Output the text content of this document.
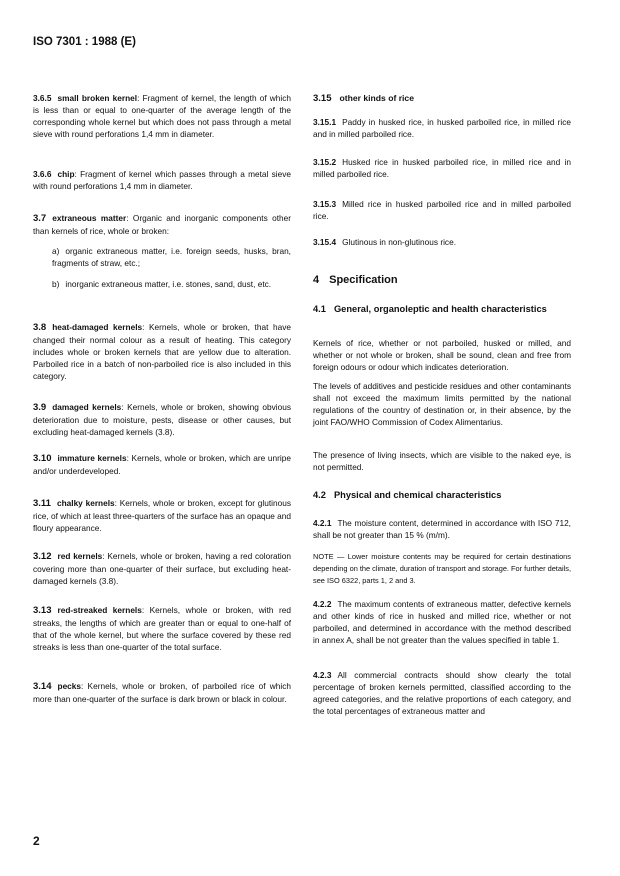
ISO 7301 : 1988 (E)
3.6.5 small broken kernel: Fragment of kernel, the length of which is less than or equal to one-quarter of the average length of the corresponding whole kernel but which does not pass through a metal sieve with round perforations 1,4 mm in diameter.
3.6.6 chip: Fragment of kernel which passes through a metal sieve with round perforations 1,4 mm in diameter.
3.7 extraneous matter: Organic and inorganic components other than kernels of rice, whole or broken:
a) organic extraneous matter, i.e. foreign seeds, husks, bran, fragments of straw, etc.;
b) inorganic extraneous matter, i.e. stones, sand, dust, etc.
3.8 heat-damaged kernels: Kernels, whole or broken, that have changed their normal colour as a result of heating. This category includes whole or broken kernels that are yellow due to alteration. Parboiled rice in a batch of non-parboiled rice is also included in this category.
3.9 damaged kernels: Kernels, whole or broken, showing obvious deterioration due to moisture, pests, disease or other causes, but excluding heat-damaged kernels (3.8).
3.10 immature kernels: Kernels, whole or broken, which are unripe and/or underdeveloped.
3.11 chalky kernels: Kernels, whole or broken, except for glutinous rice, of which at least three-quarters of the surface has an opaque and floury appearance.
3.12 red kernels: Kernels, whole or broken, having a red coloration covering more than one-quarter of their surface, but excluding heat-damaged kernels (3.8).
3.13 red-streaked kernels: Kernels, whole or broken, with red streaks, the lengths of which are greater than or equal to one-half of that of the whole kernel, but where the surface covered by these red streaks is less than one-quarter of the total surface.
3.14 pecks: Kernels, whole or broken, of parboiled rice of which more than one-quarter of the surface is dark brown or black in colour.
3.15 other kinds of rice
3.15.1 Paddy in husked rice, in husked parboiled rice, in milled rice and in milled parboiled rice.
3.15.2 Husked rice in husked parboiled rice, in milled rice and in milled parboiled rice.
3.15.3 Milled rice in husked parboiled rice and in milled parboiled rice.
3.15.4 Glutinous in non-glutinous rice.
4 Specification
4.1 General, organoleptic and health characteristics
Kernels of rice, whether or not parboiled, husked or milled, and whether or not whole or broken, shall be sound, clean and free from foreign odours or odour which indicates deterioration.
The levels of additives and pesticide residues and other contaminants shall not exceed the maximum limits permitted by the national regulations of the country of destination or, in their absence, by the joint FAO/WHO Commission of Codex Alimentarius.
The presence of living insects, which are visible to the naked eye, is not permitted.
4.2 Physical and chemical characteristics
4.2.1 The moisture content, determined in accordance with ISO 712, shall be not greater than 15 % (m/m).
NOTE — Lower moisture contents may be required for certain destinations depending on the climate, duration of transport and storage. For further details, see ISO 6322, parts 1, 2 and 3.
4.2.2 The maximum contents of extraneous matter, defective kernels and other kinds of rice in husked and milled rice, whether or not parboiled, and determined in accordance with the method described in annex A, shall be not greater than the values specified in table 1.
4.2.3 All commercial contracts should show clearly the total percentage of broken kernels permitted, classified according to the agreed categories, and the relative proportions of each category, and the total percentages of extraneous matter and
2
